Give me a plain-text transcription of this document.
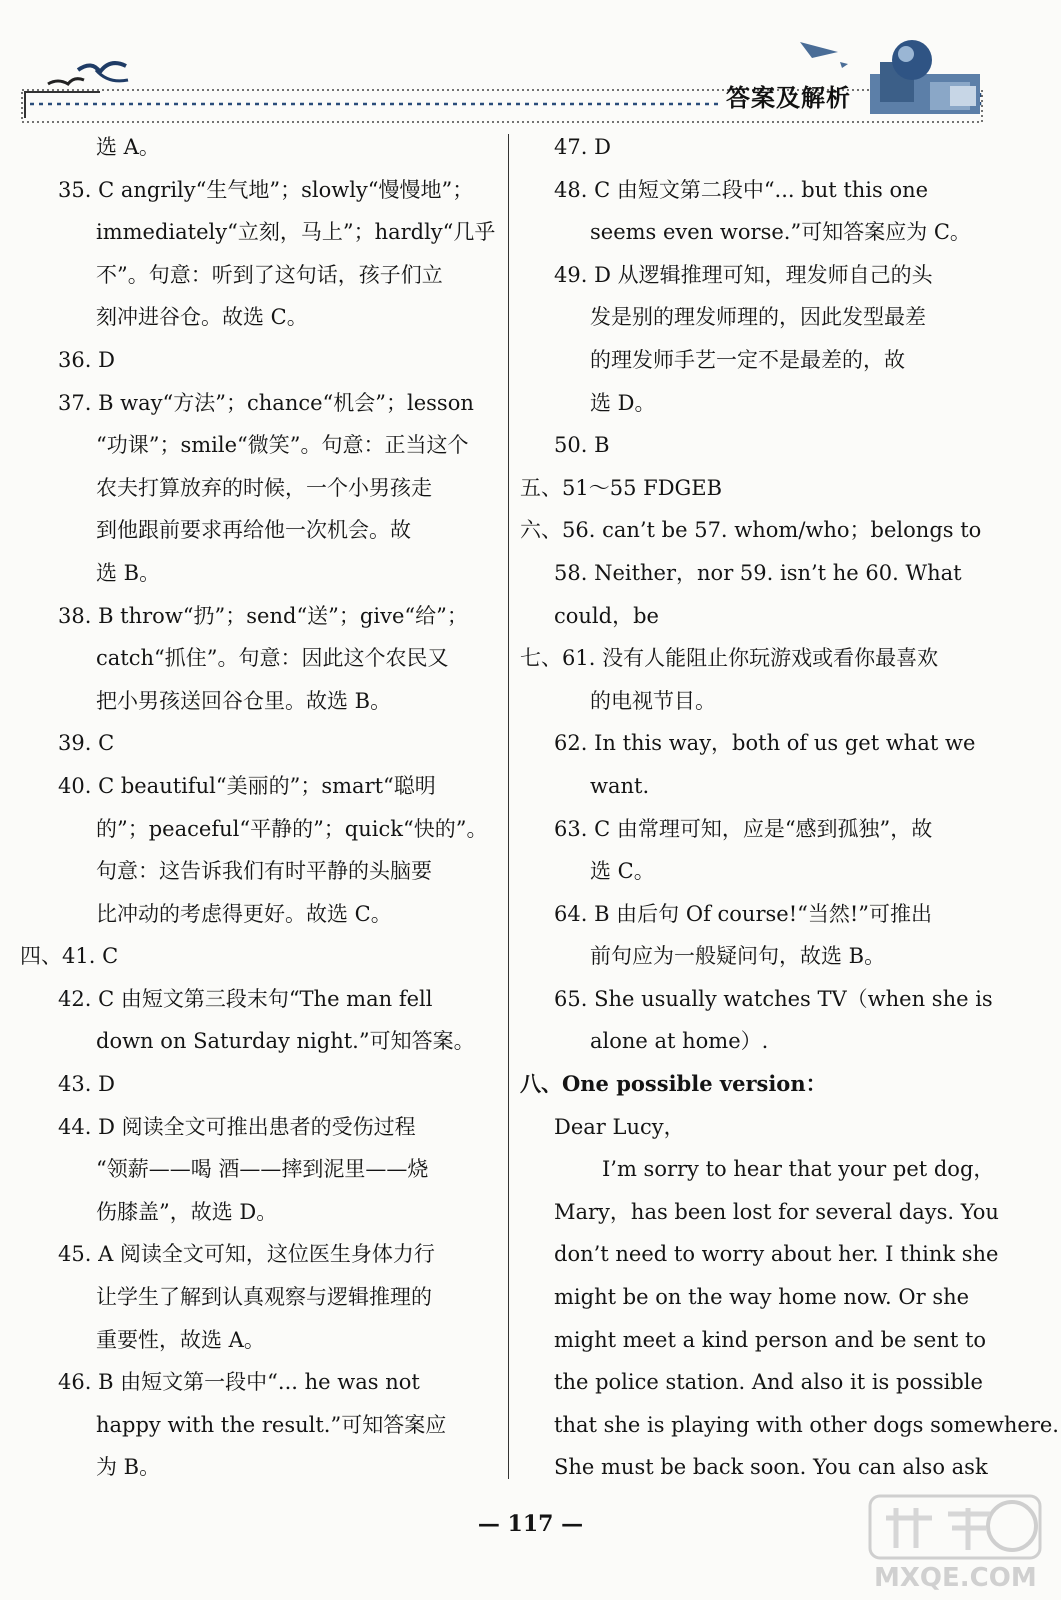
答案及解析
选 A。
35. C angrily“生气地”；slowly“慢慢地”；
immediately“立刻，马上”；hardly“几乎
不”。句意：听到了这句话，孩子们立
刻冲进谷仓。故选 C。
36. D
37. B way“方法”；chance“机会”；lesson
“功课”；smile“微笑”。句意：正当这个
农夫打算放弃的时候，一个小男孩走
到他跟前要求再给他一次机会。故
选 B。
38. B throw“扔”；send“送”；give“给”；
catch“抓住”。句意：因此这个农民又
把小男孩送回谷仓里。故选 B。
39. C
40. C beautiful“美丽的”；smart“聪明
的”；peaceful“平静的”；quick“快的”。
句意：这告诉我们有时平静的头脑要
比冲动的考虑得更好。故选 C。
四、41. C
42. C 由短文第三段末句“The man fell
down on Saturday night.”可知答案。
43. D
44. D 阅读全文可推出患者的受伤过程
“领薪——喝 酒——摔到泥里——烧
伤膝盖”，故选 D。
45. A 阅读全文可知，这位医生身体力行
让学生了解到认真观察与逻辑推理的
重要性，故选 A。
46. B 由短文第一段中“... he was not
happy with the result.”可知答案应
为 B。
47. D
48. C 由短文第二段中“... but this one
seems even worse.”可知答案应为 C。
49. D 从逻辑推理可知，理发师自己的头
发是别的理发师理的，因此发型最差
的理发师手艺一定不是最差的，故
选 D。
50. B
五、51～55 FDGEB
六、56. can’t be 57. whom/who；belongs to
58. Neither，nor 59. isn’t he 60. What
could，be
七、61. 没有人能阻止你玩游戏或看你最喜欢
的电视节目。
62. In this way，both of us get what we
want.
63. C 由常理可知，应是“感到孤独”，故
选 C。
64. B 由后句 Of course!“当然!”可推出
前句应为一般疑问句，故选 B。
65. She usually watches TV（when she is
alone at home）.
八、One possible version：
Dear Lucy，
I’m sorry to hear that your pet dog，
Mary，has been lost for several days. You
don’t need to worry about her. I think she
might be on the way home now. Or she
might meet a kind person and be sent to
the police station. And also it is possible
that she is playing with other dogs somewhere.
She must be back soon. You can also ask
— 117 —
MXQE.COM
